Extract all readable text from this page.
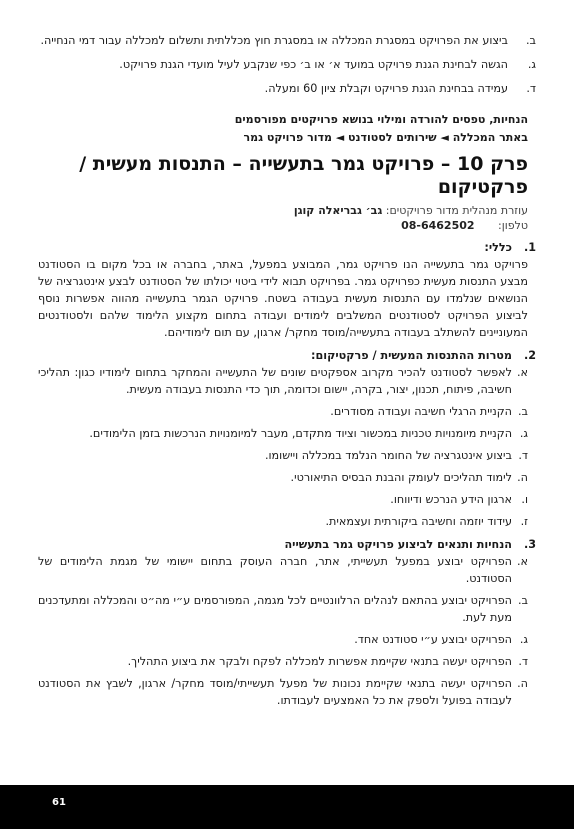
ב.
ביצוע את הפרויקט במסגרת המכללה או במסגרת חוץ מכללתית ותשלום למכללה עבור דמי הנחייה.
ג.
הגשה לבחינת הגנת פרויקט במועד א׳ או ב׳ כפי שנקבע לעיל מועדי הגנת פרויקט.
ד.
עמידה בבחינת הגנת פרויקט וקבלת ציון 60 ומעלה.
הנחיות, טפסים להורדה ומילוי בנושא פרויקטים מפורסמים
באתר המכללה ◄ שירותים לסטודנט ◄ מדור פרויקט גמר
פרק 10 – פרויקט גמר בתעשייה – התנסות מעשית / פרקטיקום
עוזרת מנהלית מדור פרויקטים: גב׳ גבריאלה קוגן
טלפון: 08-6462502
1.
כללי:
פרויקט גמר בתעשייה הנו פרויקט גמר, המבוצע במפעל, באתר, בחברה או בכל מקום בו הסטודנט מבצע התנסות מעשית כפרויקט גמר. בפרויקט תבוא לידי ביטוי יכולתו של הסטודנט לבצע אינטגרציה של הנושאים שנלמדו עם התנסות מעשית בעבודה בשטח. פרויקט הגמר בתעשייה מהווה אפשרות נוסף לביצוע הפרויקט לסטודנטים המשלבים לימודים ועבודה בתחום מקצוע הלימוד שלהם ולסטודנטים המעוניינים להשתלב בעבודה בתעשייה/מוסד מחקר/ ארגון, עם תום לימודיהם.
2.
מטרות ההתנסות המעשית / פרקטיקום:
א.
לאפשר לסטודנט להכיר מקרוב אספקטים שונים של התעשייה והמחקר בתחום לימודיו כגון: תהליכי חשיבה, פיתוח, תכנון, יצור, בקרה, יישום וכדומה, תוך כדי התנסות בעבודה מעשית.
ב.
הקניית הרגלי חשיבה ועבודה מסודרים.
ג.
הקניית מיומנויות טכניות במכשור וציוד מתקדם, מעבר למיומנויות הנרכשות בזמן הלימודים.
ד.
ביצוע אינטגרציה של החומר הנלמד במכללה ויישומו.
ה.
לימוד תהליכים לעומק והבנת הבסיס התיאורטי.
ו.
ארגון הידע הנרכש ודיווחו.
ז.
עידוד יוזמה וחשיבה ביקורתית ועצמאית.
3.
הנחיות ותנאים לביצוע פרויקט גמר בתעשייה
א.
הפרויקט יבוצע במפעל תעשייתי, אתר, חברה העוסק בתחום יישומי של מגמת הלימודים של הסטודנט.
ב.
הפרויקט יבוצע בהתאם לנהלים הרלוונטיים לכל מגמה, המפורסמים ע״י מה״ט והמכללה ומתעדכנים מעת לעת.
ג.
הפרויקט יבוצע ע״י סטודנט אחד.
ד.
הפרויקט יעשה בתנאי שקיימת אפשרות למכללה לפקח ולבקר את ביצוע התהליך.
ה.
הפרויקט יעשה בתנאי שקיימת נכונות של מפעל תעשייתי/מוסד מחקר/ ארגון, לשבץ את הסטודנט לעבודה בפועל ולספק את כל האמצעים לעבודתו.
61
